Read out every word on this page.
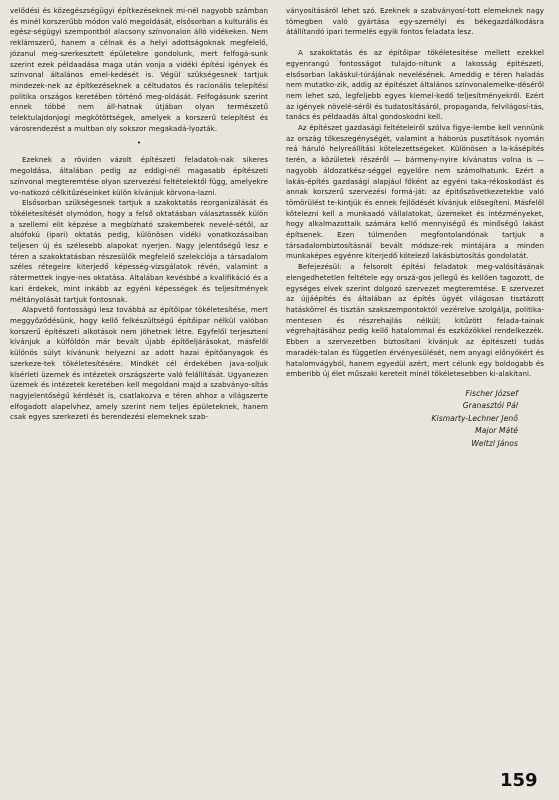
velődési és közegészségügyi építkezéseknek mi-nél nagyobb számban és minél korszerűbb módon való megoldását, elsősorban a kulturális és egész-ségügyi szempontból alacsony színvonalon álló vidékeken. Nem reklámszerű, hanem a célnak és a helyi adottságoknak megfelelő, józanul meg-szerkesztett épületekre gondolunk, mert felfogá-sunk szerint ezek példaadása maga után vonja a vidéki építési igények és színvonal általános emel-kedését is. Végül szükségesnek tartjuk mindezek-nek az építkezéseknek a céltudatos és racionális telepítési politika országos keretében történő meg-oldását. Felfogásunk szerint ennek többé nem áll-hatnak útjában olyan természetű telektulajdonjogi megkötöttségek, amelyek a korszerű telepítést és városrendezést a multban oly sokszor megakadá-lyozták.

•

Ezeknek a röviden vázolt építészeti feladatok-nak sikeres megoldása, általában pedig az eddigi-nél magasabb építészeti színvonal megteremtése olyan szervezési feltételektől függ, amelyekre vo-natkozó célkitűzéseinket külön kívánjuk körvona-lazni.

Elsősorban szükségesnek tartjuk a szakoktatás reorganizálását és tökéletesítését olymódon, hogy a felső oktatásban választassék külön a szellemi elit képzése a megbízható szakemberek nevelé-sétől, az alsófokú (ipari) oktatás pedig, különösen vidéki vonatkozásaiban teljesen új és szélesebb alapokat nyerjen. Nagy jelentőségű lesz e téren a szakoktatásban részesülők megfelelő szelekciója a társadalom széles rétegeire kiterjedő képesség-vizsgálatok révén, valamint a rátermettek ingye-nes oktatása. Általában kevésbbé a kvalifikáció és a kari érdekek, mint inkább az egyéni képességek és teljesítmények méltányolását tartjuk fontosnak.

Alapvető fontosságú lesz továbbá az építőipar tökéletesítése, mert meggyőződésünk, hogy kellő felkészültségű építőipar nélkül valóban korszerű építészeti alkotások nem jöhetnek létre. Egyfelől terjeszteni kívánjuk a külföldön már bevált újabb építőeljárásokat, másfelől különös súlyt kívánunk helyezni az adott hazai építőanyagok és szerkeze-tek tökéletesítésére. Mindkét cél érdekében java-soljuk kísérleti üzemek és intézetek országszerte való felállítását. Ugyanezen üzemek és intézetek keretében kell megoldani majd a szabványo-sítás nagyjelentőségű kérdését is, csatlakozva e téren ahhoz a világszerte elfogadott alapelvhez, amely szerint nem teljes épületeknek, hanem csak egyes szerkezeti és berendezési elemeknek szab-

ványosításáról lehet szó. Ezeknek a szabványosí-tott elemeknek nagy tömegben való gyártása egy-személyi és békegazdálkodásra átállítandó ipari termelés egyik fontos feladata lesz.

A szakoktatás és az építőipar tökéletesítése mellett ezekkel egyenrangú fontosságot tulajdo-nítunk a lakosság építészeti, elsősorban lakáskul-túrájának nevelésének. Ameddig e téren haladás nem mutatko-zik, addig az építészet általános színvonalemelke-déséről nem lehet szó, legfeljebb egyes kiemel-kedő teljesítményekről. Ezért az igények növelé-séről és tudatosításáról, propaganda, felvilágosí-tás, tanács és példaadás által gondoskodni kell.

Az építészet gazdasági feltételeiről szólva figye-lembe kell vennünk az ország tőkeszegénységét, valamint a háborús pusztítások nyomán reá háruló helyreállítási kötelezettségeket. Különösen a la-kásépítés terén, a közületek részéről — bármeny-nyire kívánatos volna is — nagyobb áldozatkész-séggel egyelőre nem számolhatunk. Ezért a lakás-építés gazdasági alapjául főként az egyéni taka-rékoskodást és annak korszerű szervezési formá-ját: az építőszövetkezetekbe való tömörülést te-kintjük és ennek fejlődését kívánjuk elősegíteni. Másfelől kötelezni kell a munkaadó vállalatokat, üzemeket és intézményeket, hogy alkalmazottaik számára kellő mennyiségű és minőségű lakást építsenek. Ezen túlmenően megfontolandónak tartjuk a társadalombiztosításnál bevált módsze-rek mintájára a minden munkaképes egyénre kiterjedő kötelező lakásbiztosítás gondolatát.

Befejezésül: a felsorolt építési feladatok meg-valósításának elengedhetetlen feltétele egy orszá-gos jellegű és kellően tagozott, de egységes elvek szerint dolgozó szervezet megteremtése. E szervezet az újjáépítés és általában az építés ügyét világosan tisztázott hatáskörrel és tisztán szakszempontoktól vezérelve szolgálja, politika-mentesen és részrehajlás nélkül; kitűzött felada-tainak végrehajtásához pedig kellő hatalommal és eszközökkel rendelkezzék. Ebben a szervezetben biztosítani kívánjuk az építészeti tudás maradék-talan és független érvényesülését, nem anyagi előnyökért és hatalomvágyból, hanem egyedül azért, mert célunk egy boldogabb és emberibb új élet műszaki kereteit minél tökéletesebben ki-alakítani.

Fischer József
Granasztói Pál
Kismarty-Lechner Jenő
Major Máté
Weltzl János
159
